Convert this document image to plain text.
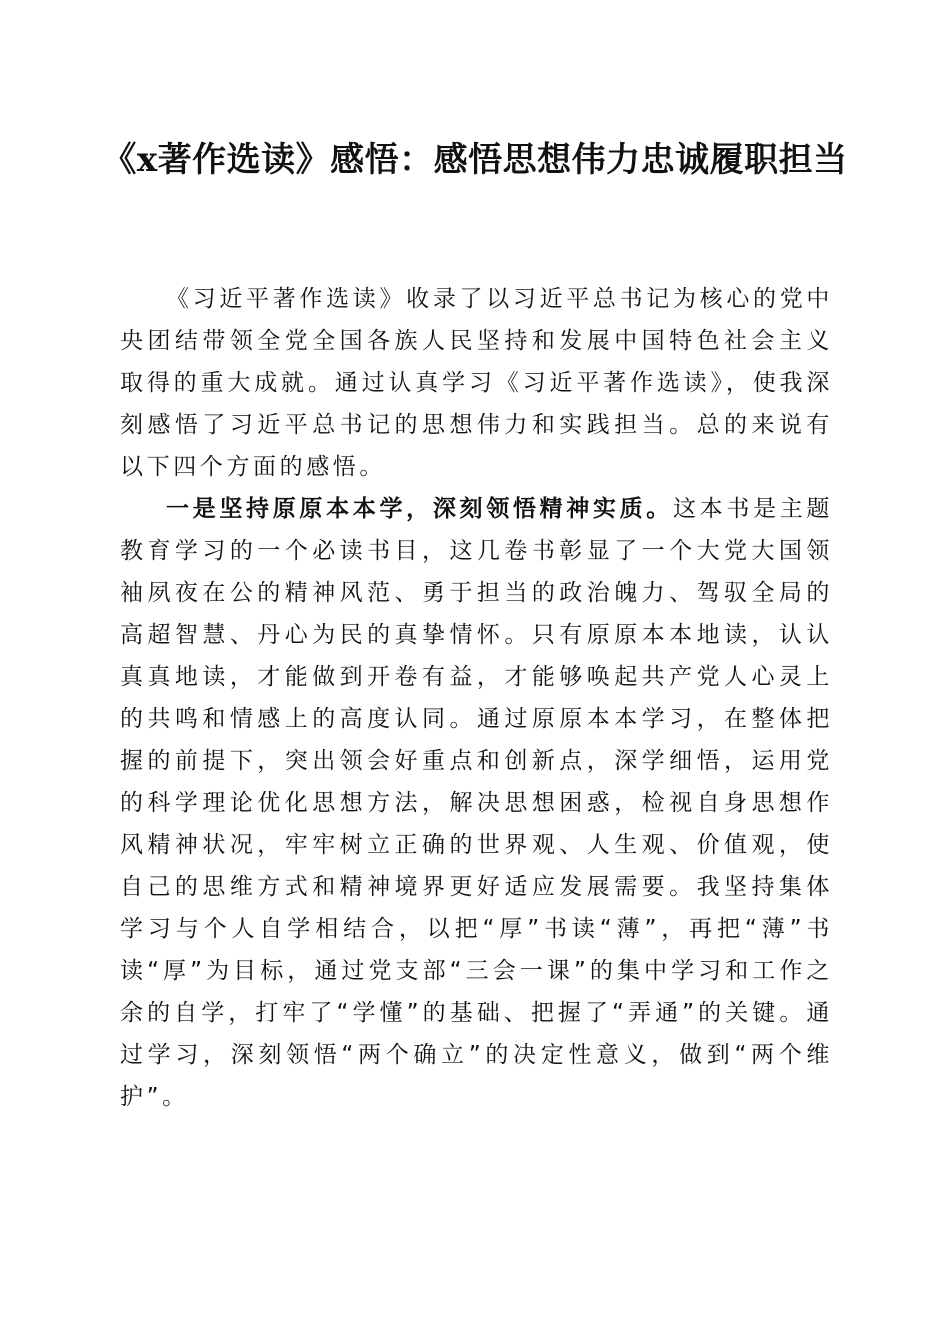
《x著作选读》感悟：感悟思想伟力忠诚履职担当

《习近平著作选读》收录了以习近平总书记为核心的党中央团结带领全党全国各族人民坚持和发展中国特色社会主义取得的重大成就。通过认真学习《习近平著作选读》，使我深刻感悟了习近平总书记的思想伟力和实践担当。总的来说有以下四个方面的感悟。

一是坚持原原本本学，深刻领悟精神实质。这本书是主题教育学习的一个必读书目，这几卷书彰显了一个大党大国领袖夙夜在公的精神风范、勇于担当的政治魄力、驾驭全局的高超智慧、丹心为民的真挚情怀。只有原原本本地读，认认真真地读，才能做到开卷有益，才能够唤起共产党人心灵上的共鸣和情感上的高度认同。通过原原本本学习，在整体把握的前提下，突出领会好重点和创新点，深学细悟，运用党的科学理论优化思想方法，解决思想困惑，检视自身思想作风精神状况，牢牢树立正确的世界观、人生观、价值观，使自己的思维方式和精神境界更好适应发展需要。我坚持集体学习与个人自学相结合，以把“厚”书读“薄”，再把“薄”书读“厚”为目标，通过党支部“三会一课”的集中学习和工作之余的自学，打牢了“学懂”的基础、把握了“弄通”的关键。通过学习，深刻领悟“两个确立”的决定性意义，做到“两个维护”。
